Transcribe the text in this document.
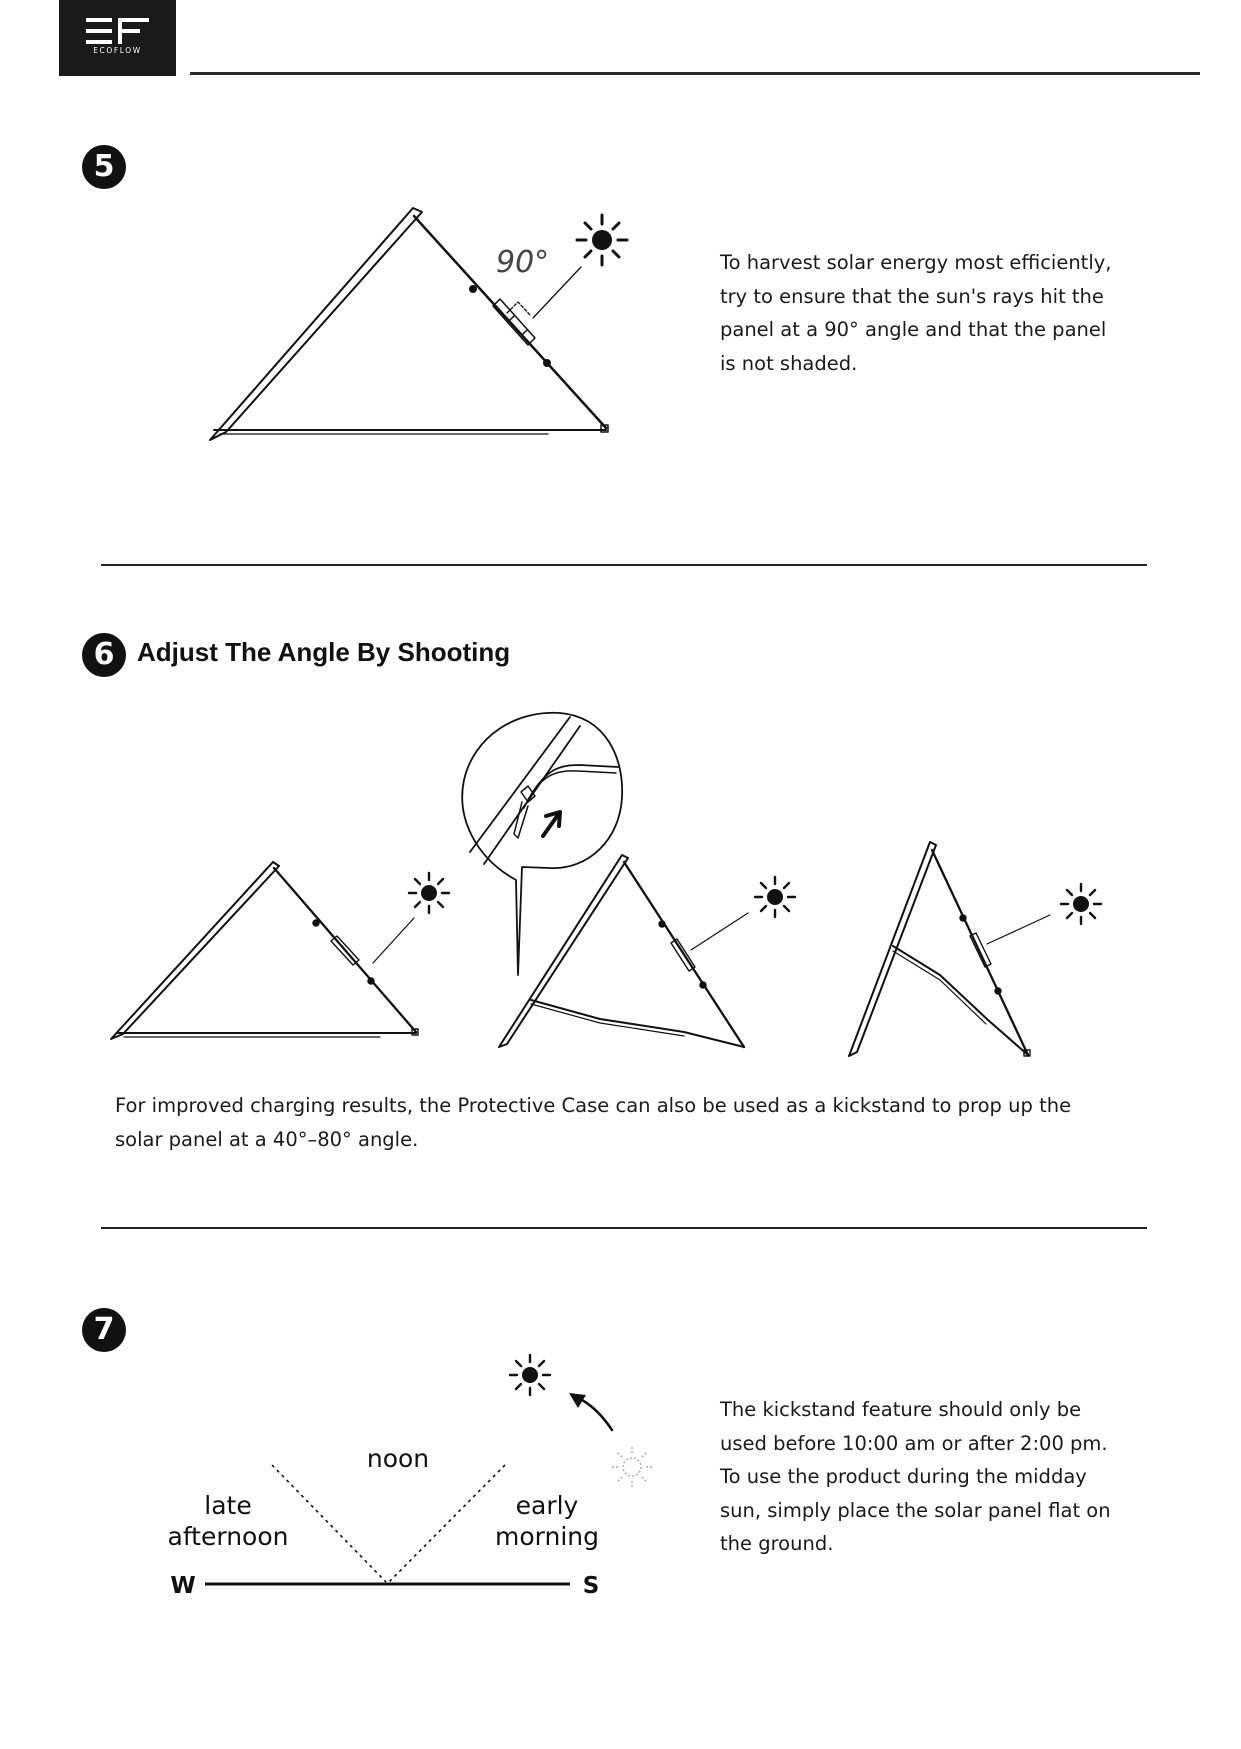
ECOFLOW
5
90°	To harvest solar energy most efficiently,
try to ensure that the sun's rays hit the
panel at a 90° angle and that the panel
is not shaded.
6 Adjust The Angle By Shooting
For improved charging results, the Protective Case can also be used as a kickstand to prop up the
solar panel at a 40°–80° angle.
7
noon
late
afternoon
early
morning
W	S
The kickstand feature should only be
used before 10:00 am or after 2:00 pm.
To use the product during the midday
sun, simply place the solar panel flat on
the ground.
